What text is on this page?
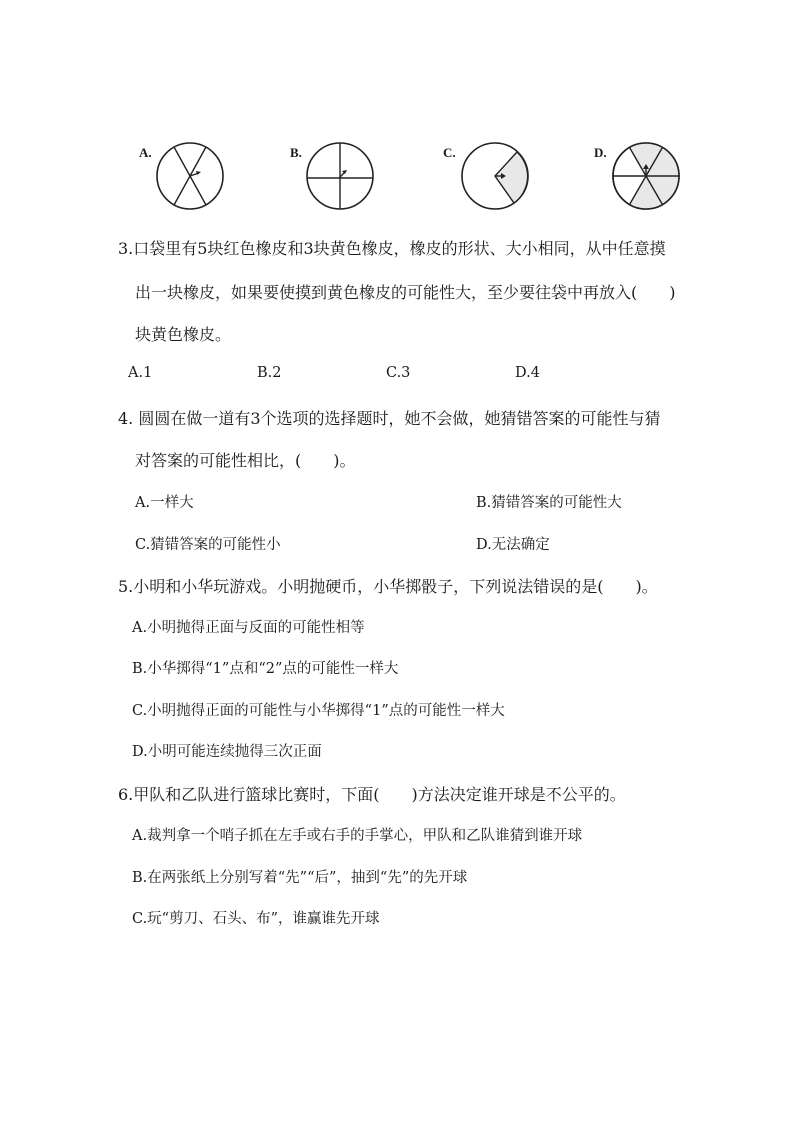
A.	B.	C.	D.
3.口袋里有5块红色橡皮和3块黄色橡皮，橡皮的形状、大小相同，从中任意摸
出一块橡皮，如果要使摸到黄色橡皮的可能性大，至少要往袋中再放入(　　)
块黄色橡皮。
A.1	B.2	C.3	D.4
4. 圆圆在做一道有3个选项的选择题时，她不会做，她猜错答案的可能性与猜
对答案的可能性相比，(　　)。
A.一样大	B.猜错答案的可能性大
C.猜错答案的可能性小	D.无法确定
5.小明和小华玩游戏。小明抛硬币，小华掷骰子，下列说法错误的是(　　)。
A.小明抛得正面与反面的可能性相等
B.小华掷得“1”点和“2”点的可能性一样大
C.小明抛得正面的可能性与小华掷得“1”点的可能性一样大
D.小明可能连续抛得三次正面
6.甲队和乙队进行篮球比赛时，下面(　　)方法决定谁开球是不公平的。
A.裁判拿一个哨子抓在左手或右手的手掌心，甲队和乙队谁猜到谁开球
B.在两张纸上分别写着“先”“后”，抽到“先”的先开球
C.玩“剪刀、石头、布”，谁赢谁先开球
